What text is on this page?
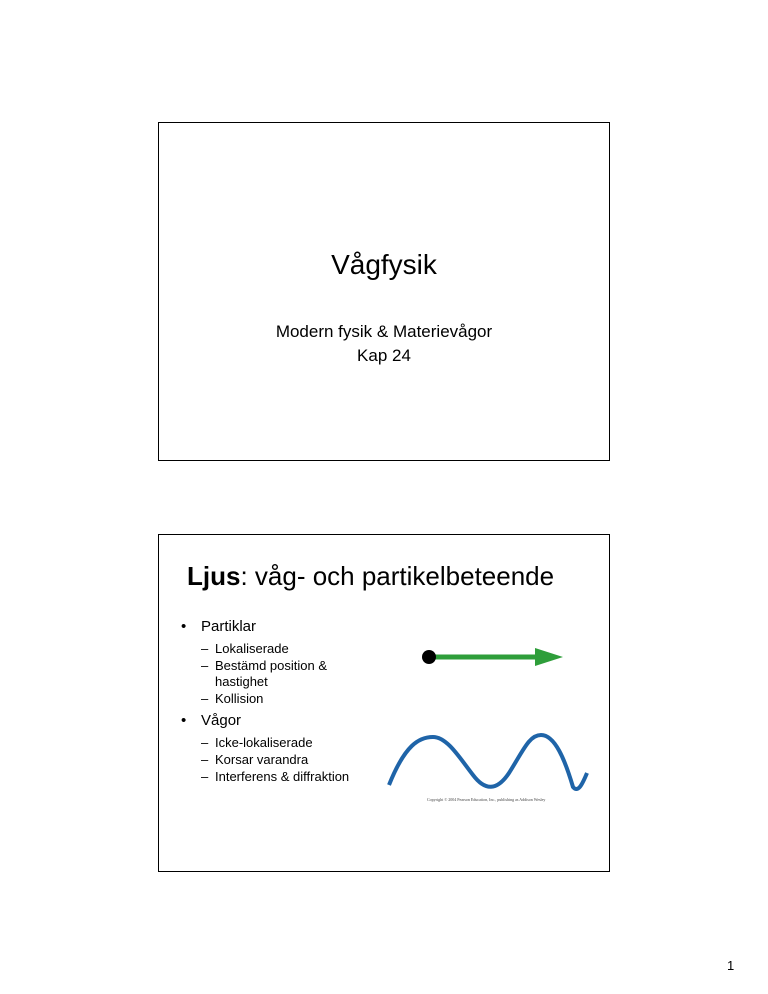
Vågfysik
Modern fysik & Materievågor
Kap 24
Ljus: våg- och partikelbeteende
• Partiklar
– Lokaliserade
– Bestämd position & hastighet
– Kollision
• Vågor
– Icke-lokaliserade
– Korsar varandra
– Interferens & diffraktion
Copyright © 2004 Pearson Education, Inc., publishing as Addison Wesley
1
